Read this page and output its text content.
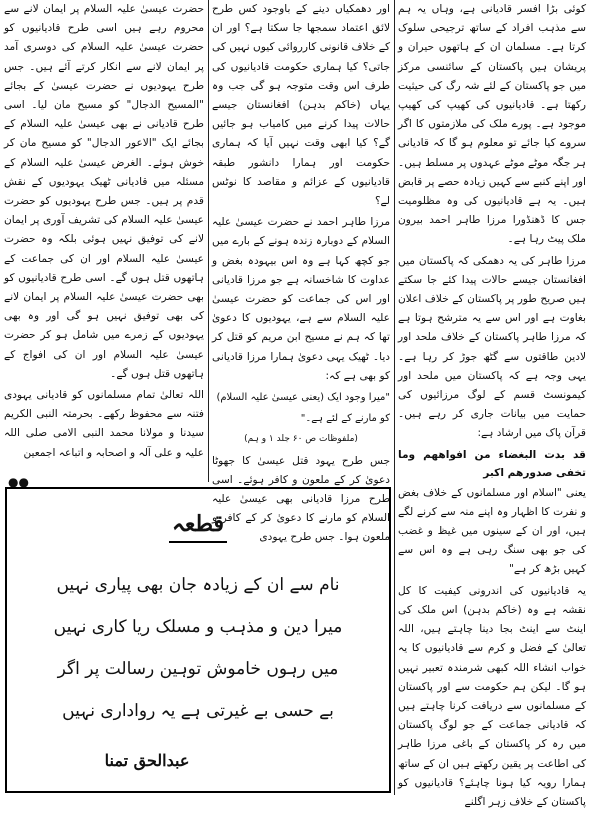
کوئی بڑا افسر قادیانی ہے، وہاں یہ ہم سے مذہب افراد کے ساتھ ترجیحی سلوک کرتا ہے۔ مسلمان ان کے ہاتھوں حیران و پریشان ہیں پاکستان کے سائنسی مرکز میں جو پاکستان کے لئے شہ رگ کی حیثیت رکھتا ہے۔ قادیانیوں کی کھیپ کی کھیپ موجود ہے۔ پورے ملک کی ملازمتوں کا اگر سروے کیا جائے تو معلوم ہو گا کہ قادیانی ہر جگہ موٹے موٹے عہدوں پر مسلط ہیں۔ اور اپنے کنبے سے کہیں زیادہ حصے پر قابض ہیں۔ یہ ہے قادیانیوں کی وہ مظلومیت جس کا ڈھنڈورا مرزا طاہر احمد بیرون ملک پیٹ رہا ہے۔

مرزا طاہر کی یہ دھمکی کہ پاکستان میں افغانستان جیسے حالات پیدا کئے جا سکتے ہیں صریح طور پر پاکستان کے خلاف اعلان بغاوت ہے اور اس سے یہ مترشح ہوتا ہے کہ مرزا طاہر پاکستان کے خلاف ملحد اور لادین طاقتوں سے گٹھ جوڑ کر رہا ہے۔ یہی وجہ ہے کہ پاکستان میں ملحد اور کیمونسٹ قسم کے لوگ مرزائیوں کی حمایت میں بیانات جاری کر رہے ہیں۔ قرآن پاک میں ارشاد ہے:

قد بدت البغضاء من افواھھم وما تخفی صدورھم اکبر

یعنی "اسلام اور مسلمانوں کے خلاف بغض و نفرت کا اظہار وہ اپنے منہ سے کرنے لگے ہیں، اور ان کے سینوں میں غیظ و غضب کی جو بھی سنگ رہی ہے وہ اس سے کہیں بڑھ کر ہے"

یہ قادیانیوں کی اندرونی کیفیت کا کل نقشہ ہے وہ (خاکم بدہن) اس ملک کی اینٹ سے اینٹ بجا دینا چاہتے ہیں، اللہ تعالیٰ کے فضل و کرم سے قادیانیوں کا یہ خواب انشاء اللہ کبھی شرمندہ تعبیر نہیں ہو گا۔ لیکن ہم حکومت سے اور پاکستان کے مسلمانوں سے دریافت کرنا چاہتے ہیں کہ قادیانی جماعت کے جو لوگ پاکستان میں رہ کر پاکستان کے باغی مرزا طاہر کی اطاعت پر یقین رکھتے ہیں ان کے ساتھ ہمارا رویہ کیا ہونا چاہئے؟ قادیانیوں کو پاکستان کے خلاف زہر اگلنے

اور دھمکیاں دینے کے باوجود کس طرح لائق اعتماد سمجھا جا سکتا ہے؟ اور ان کے خلاف قانونی کارروائی کیوں نہیں کی جاتی؟ کیا ہماری حکومت قادیانیوں کی طرف اس وقت متوجہ ہو گی جب وہ یہاں (خاکم بدہن) افغانستان جیسے حالات پیدا کرنے میں کامیاب ہو جائیں گے؟ کیا ابھی وقت نہیں آیا کہ ہماری حکومت اور ہمارا دانشور طبقہ قادیانیوں کے عزائم و مقاصد کا نوٹس لے؟

مرزا طاہر احمد نے حضرت عیسیٰ علیہ السلام کے دوبارہ زندہ ہونے کے بارے میں جو کچھ کہا ہے وہ اس بیہودہ بغض و عداوت کا شاخسانہ ہے جو مرزا قادیانی اور اس کی جماعت کو حضرت عیسیٰ علیہ السلام سے ہے، یہودیوں کا دعویٰ تھا کہ ہم نے مسیح ابن مریم کو قتل کر دیا۔ ٹھیک یہی دعویٰ ہمارا مرزا قادیانی کو بھی ہے کہ:

"میرا وجود ایک (یعنی عیسیٰ علیہ السلام)
کو مارنے کے لئے ہے۔"

(ملفوظات ص ۶۰ جلد ۱ و ہم)

جس طرح یہود قتل عیسیٰ کا جھوٹا دعویٰ کر کے ملعون و کافر ہوئے۔ اسی طرح مرزا قادیانی بھی عیسیٰ علیہ السلام کو مارنے کا دعویٰ کر کے کافر و ملعون ہوا۔ جس طرح یہودی

حضرت عیسیٰ علیہ السلام پر ایمان لانے سے محروم رہے ہیں اسی طرح قادیانیوں کو حضرت عیسیٰ علیہ السلام کی دوسری آمد پر ایمان لانے سے انکار کرتے آئے ہیں۔ جس طرح یہودیوں نے حضرت عیسیٰ کے بجائے "المسیح الدجال" کو مسیح مان لیا۔ اسی طرح قادیانی نے بھی عیسیٰ علیہ السلام کے بجائے ایک "الاعور الدجال" کو مسیح مان کر خوش ہوئے۔ الغرض عیسیٰ علیہ السلام کے مسئلہ میں قادیانی ٹھیک یہودیوں کے نقش قدم پر ہیں۔ جس طرح یہودیوں کو حضرت عیسیٰ علیہ السلام کی تشریف آوری پر ایمان لانے کی توفیق نہیں ہوئی بلکہ وہ حضرت عیسیٰ علیہ السلام اور ان کی جماعت کے ہاتھوں قتل ہوں گے۔ اسی طرح قادیانیوں کو بھی حضرت عیسیٰ علیہ السلام پر ایمان لانے کی بھی توفیق نہیں ہو گی اور وہ بھی یہودیوں کے زمرے میں شامل ہو کر حضرت عیسیٰ علیہ السلام اور ان کی افواج کے ہاتھوں قتل ہوں گے۔

اللہ تعالیٰ تمام مسلمانوں کو قادیانی یہودی فتنہ سے محفوظ رکھے۔ بحرمتہ النبی الکریم سیدنا و مولانا محمد النبی الامی صلی اللہ علیہ و علی آلہ و اصحابہ و اتباعہ اجمعین

●●
قطعہ
نام سے ان کے زیادہ جان بھی پیاری نہیں
میرا دین و مذہب و مسلک ریا کاری نہیں
میں رہوں خاموش توہین رسالت پر اگر
بے حسی بے غیرتی ہے یہ رواداری نہیں
عبدالحق تمنا
